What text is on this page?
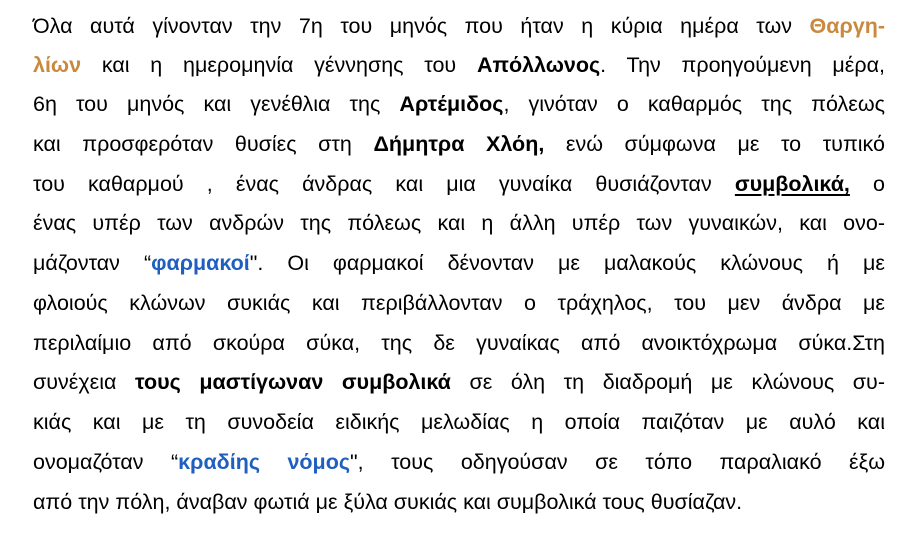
Όλα αυτά γίνονταν την 7η του μηνός που ήταν η κύρια ημέρα των Θαργη-
λίων και η ημερομηνία γέννησης του Απόλλωνος. Την προηγούμενη μέρα,
6η του μηνός και γενέθλια της Αρτέμιδος, γινόταν ο καθαρμός της πόλεως
και προσφερόταν θυσίες στη Δήμητρα Χλόη, ενώ σύμφωνα με το τυπικό
του καθαρμού , ένας άνδρας και μια γυναίκα θυσιάζονταν συμβολικά, ο
ένας υπέρ των ανδρών της πόλεως και η άλλη υπέρ των γυναικών, και ονο-
μάζονταν “φαρμακοί". Οι φαρμακοί δένονταν με μαλακούς κλώνους ή με
φλοιούς κλώνων συκιάς και περιβάλλονταν ο τράχηλος, του μεν άνδρα με
περιλαίμιο από σκούρα σύκα, της δε γυναίκας από ανοικτόχρωμα σύκα.Στη
συνέχεια τους μαστίγωναν συμβολικά σε όλη τη διαδρομή με κλώνους συ-
κιάς και με τη συνοδεία ειδικής μελωδίας η οποία παιζόταν με αυλό και
ονομαζόταν “κραδίης νόμος", τους οδηγούσαν σε τόπο παραλιακό έξω
από την πόλη, άναβαν φωτιά με ξύλα συκιάς και συμβολικά τους θυσίαζαν.
